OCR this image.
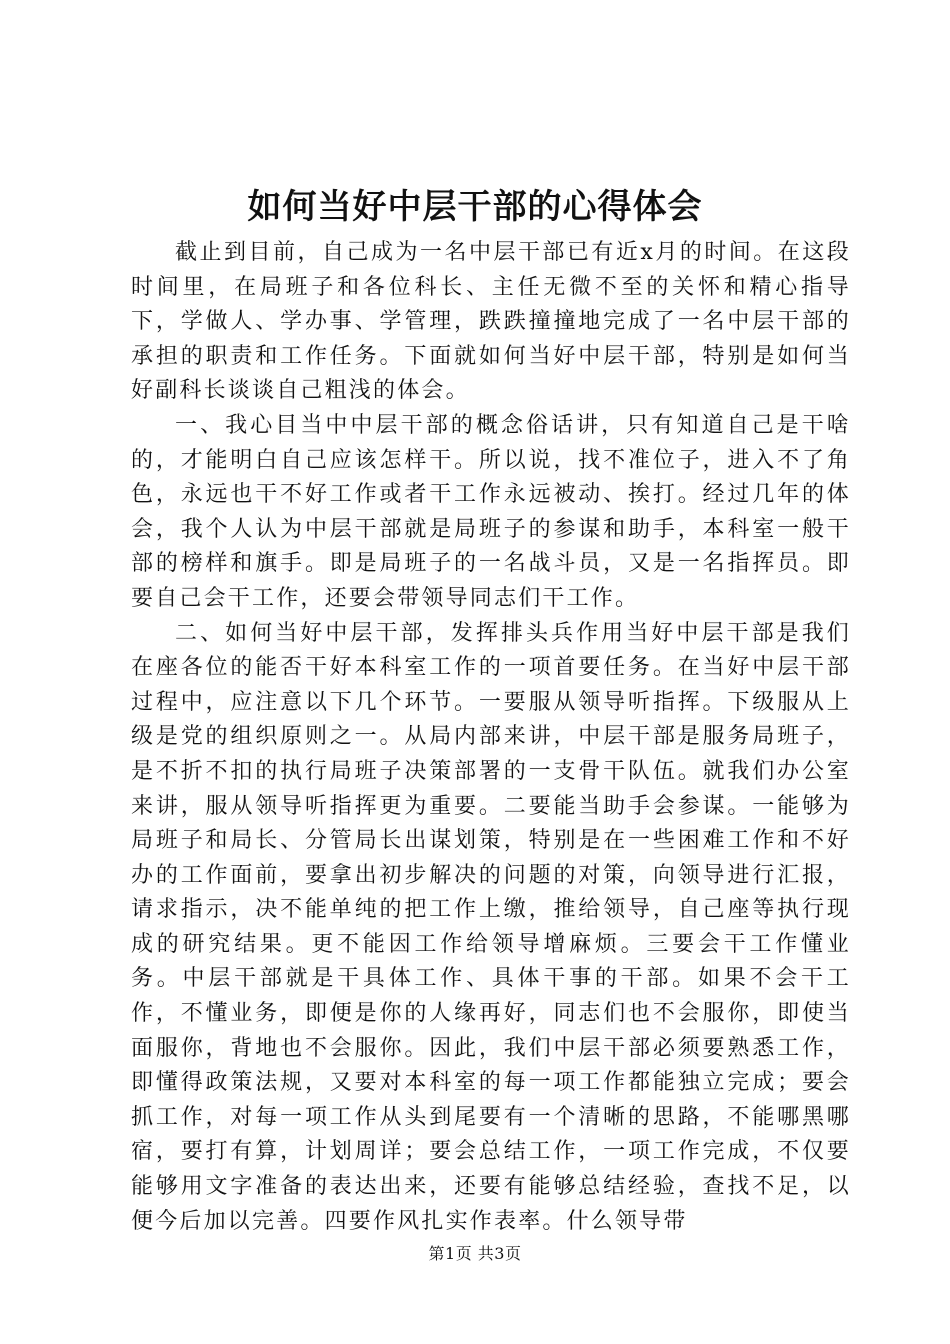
如何当好中层干部的心得体会

截止到目前，自己成为一名中层干部已有近x月的时间。在这段时间里，在局班子和各位科长、主任无微不至的关怀和精心指导下，学做人、学办事、学管理，跌跌撞撞地完成了一名中层干部的承担的职责和工作任务。下面就如何当好中层干部，特别是如何当好副科长谈谈自己粗浅的体会。

一、我心目当中中层干部的概念俗话讲，只有知道自己是干啥的，才能明白自己应该怎样干。所以说，找不准位子，进入不了角色，永远也干不好工作或者干工作永远被动、挨打。经过几年的体会，我个人认为中层干部就是局班子的参谋和助手，本科室一般干部的榜样和旗手。即是局班子的一名战斗员，又是一名指挥员。即要自己会干工作，还要会带领导同志们干工作。

二、如何当好中层干部，发挥排头兵作用当好中层干部是我们在座各位的能否干好本科室工作的一项首要任务。在当好中层干部过程中，应注意以下几个环节。一要服从领导听指挥。下级服从上级是党的组织原则之一。从局内部来讲，中层干部是服务局班子，是不折不扣的执行局班子决策部署的一支骨干队伍。就我们办公室来讲，服从领导听指挥更为重要。二要能当助手会参谋。一能够为局班子和局长、分管局长出谋划策，特别是在一些困难工作和不好办的工作面前，要拿出初步解决的问题的对策，向领导进行汇报，请求指示，决不能单纯的把工作上缴，推给领导，自己座等执行现成的研究结果。更不能因工作给领导增麻烦。三要会干工作懂业务。中层干部就是干具体工作、具体干事的干部。如果不会干工作，不懂业务，即便是你的人缘再好，同志们也不会服你，即使当面服你，背地也不会服你。因此，我们中层干部必须要熟悉工作，即懂得政策法规，又要对本科室的每一项工作都能独立完成；要会抓工作，对每一项工作从头到尾要有一个清晰的思路，不能哪黑哪宿，要打有算，计划周详；要会总结工作，一项工作完成，不仅要能够用文字准备的表达出来，还要有能够总结经验，查找不足，以便今后加以完善。四要作风扎实作表率。什么领导带

第1页 共3页
